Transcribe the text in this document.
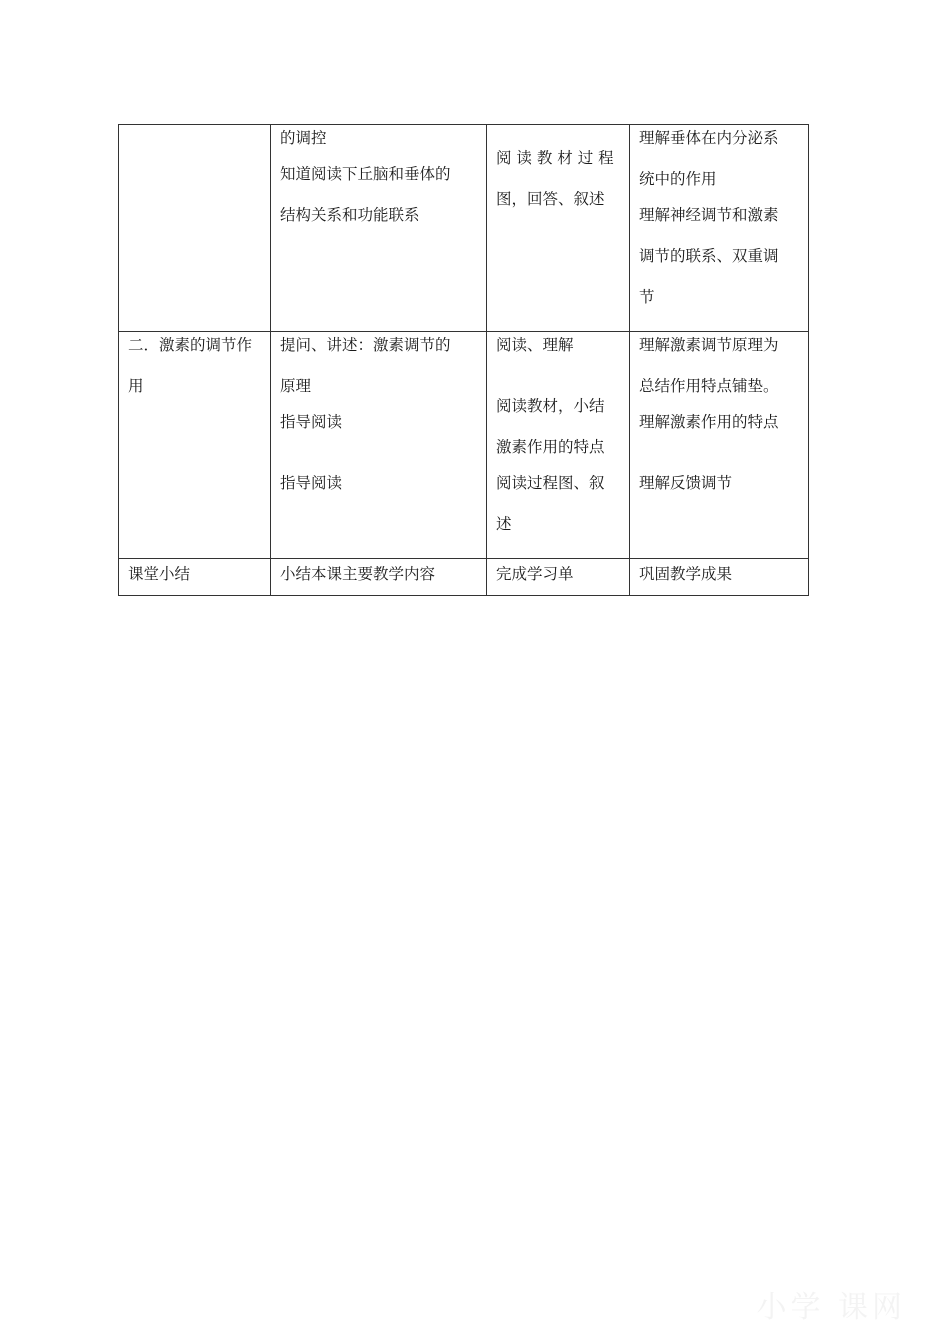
	的调控
知道阅读下丘脑和垂体的
结构关系和功能联系	阅 读 教 材 过 程
图，回答、叙述	理解垂体在内分泌系
统中的作用
理解神经调节和激素
调节的联系、双重调
节

二．激素的调节作
用	提问、讲述：激素调节的
原理
指导阅读
指导阅读	阅读、理解
阅读教材，小结
激素作用的特点
阅读过程图、叙
述	理解激素调节原理为
总结作用特点铺垫。
理解激素作用的特点
理解反馈调节

课堂小结	小结本课主要教学内容	完成学习单	巩固教学成果
小学 课网
